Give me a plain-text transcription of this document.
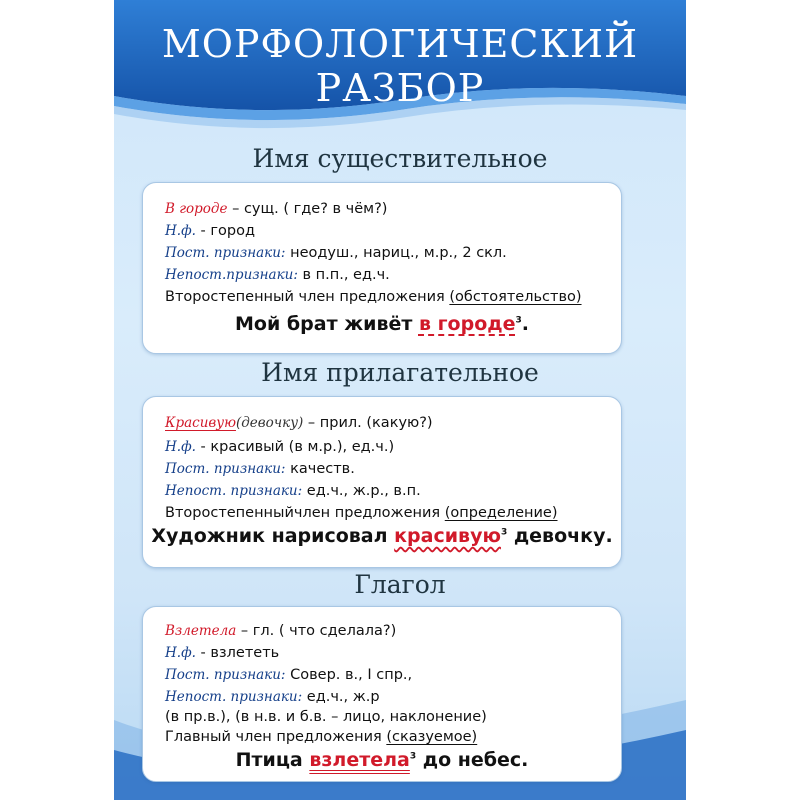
МОРФОЛОГИЧЕСКИЙ
РАЗБОР
Имя существительное
В городе – сущ. ( где? в чём?)
Н.ф. - город
Пост. признаки: неодуш., нариц., м.р., 2 скл.
Непост.признаки: в п.п., ед.ч.
Второстепенный член предложения (обстоятельство)
Мой брат живёт в городе$^3$.
Имя прилагательное
Красивую(девочку) – прил. (какую?)
Н.ф. - красивый (в м.р.), ед.ч.)
Пост. признаки: качеств.
Непост. признаки: ед.ч., ж.р., в.п.
Второстепенныйчлен предложения (определение)
Художник нарисовал красивую$^3$ девочку.
Глагол
Взлетела – гл. ( что сделала?)
Н.ф. - взлететь
Пост. признаки: Совер. в., I спр.,
Непост. признаки: ед.ч., ж.р
(в пр.в.), (в н.в. и б.в. – лицо, наклонение)
Главный член предложения (сказуемое)
Птица взлетела$^3$ до небес.
